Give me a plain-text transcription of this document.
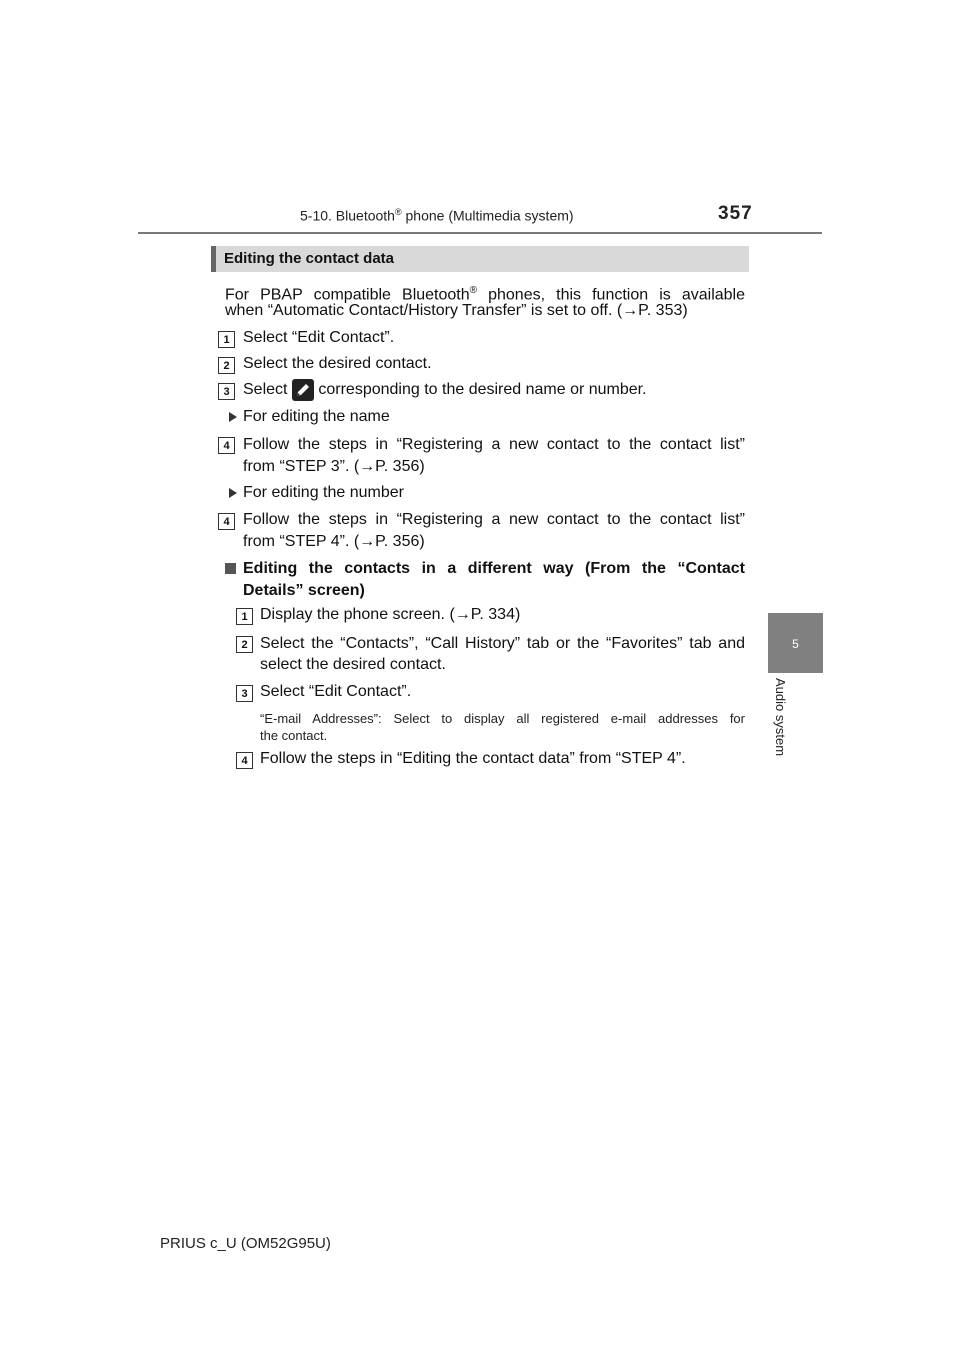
5-10. Bluetooth® phone (Multimedia system)	357
5
Audio system
Editing the contact data
For PBAP compatible Bluetooth® phones, this function is available
when “Automatic Contact/History Transfer” is set to off. (→P. 353)
1 Select “Edit Contact”.
2 Select the desired contact.
3 Select  corresponding to the desired name or number.
For editing the name
4 Follow the steps in “Registering a new contact to the contact list”
from “STEP 3”. (→P. 356)
For editing the number
4 Follow the steps in “Registering a new contact to the contact list”
from “STEP 4”. (→P. 356)
Editing the contacts in a different way (From the “Contact
Details” screen)
1 Display the phone screen. (→P. 334)
2 Select the “Contacts”, “Call History” tab or the “Favorites” tab and
select the desired contact.
3 Select “Edit Contact”.
“E-mail Addresses”: Select to display all registered e-mail addresses for
the contact.
4 Follow the steps in “Editing the contact data” from “STEP 4”.
PRIUS c_U (OM52G95U)
